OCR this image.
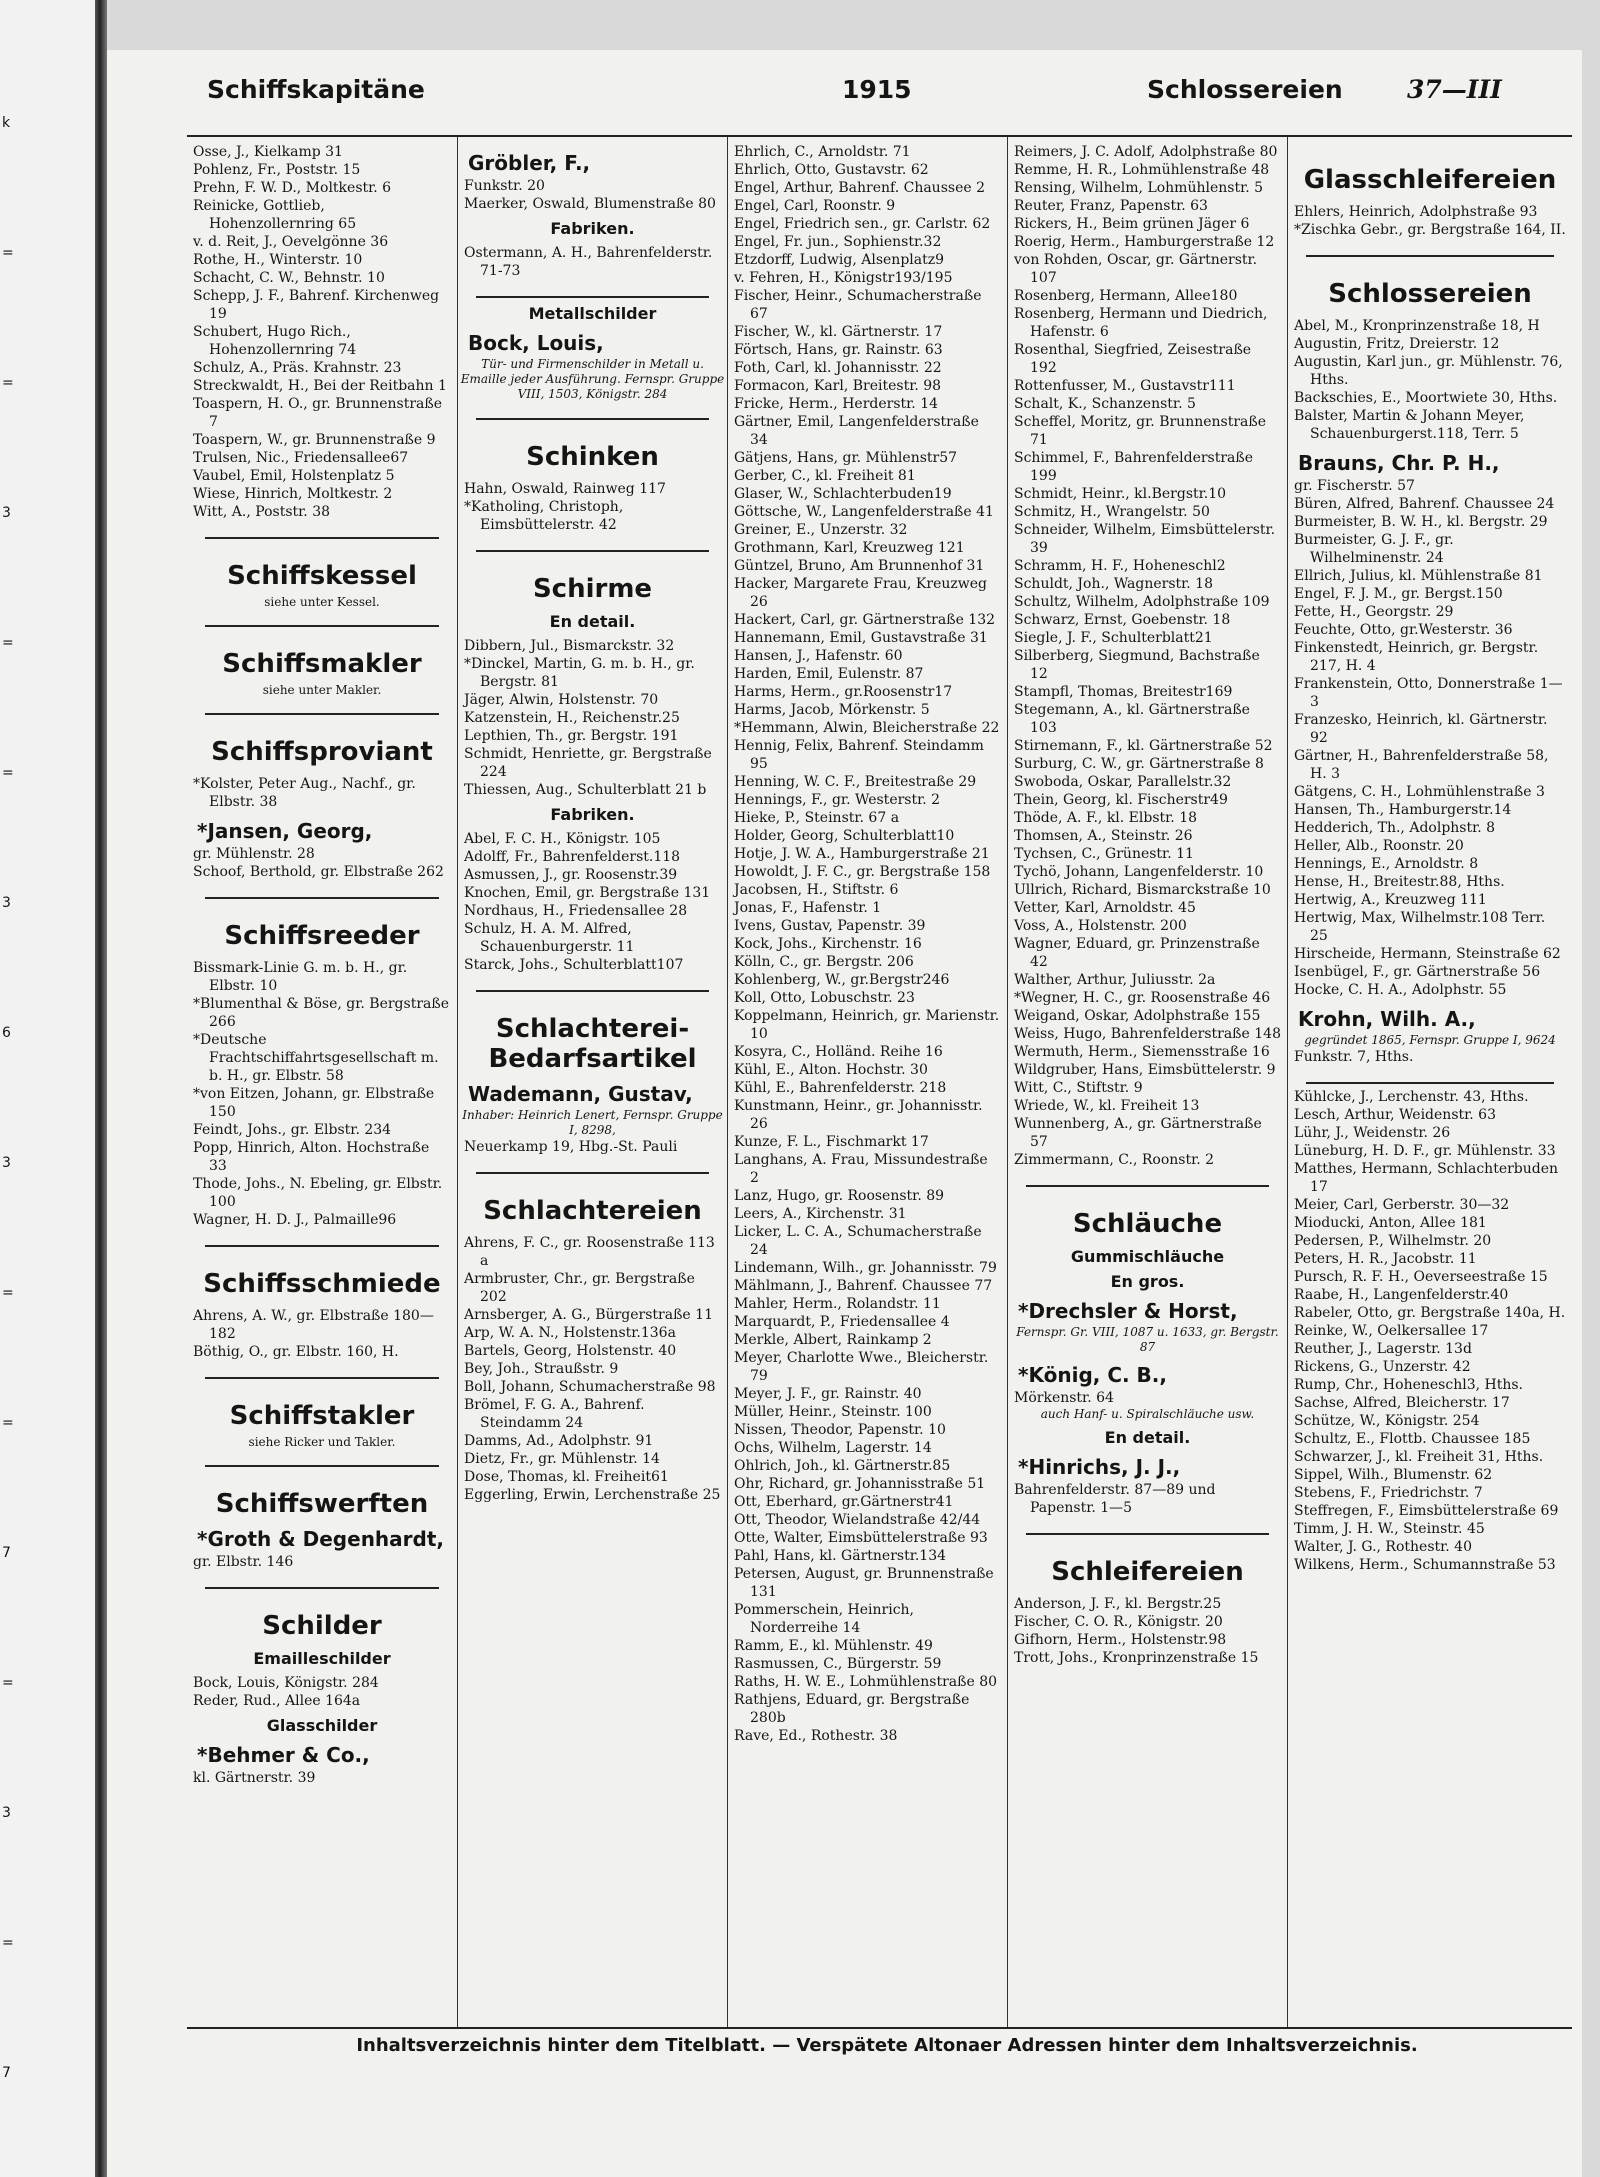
k
=
=
3
=
=
3
6
3
=
=
7
=
3
=
7
Schiffskapitäne	1915	Schlossereien	37—III
Osse, J., Kielkamp 31
Pohlenz, Fr., Poststr. 15
Prehn, F. W. D., Moltkestr. 6
Reinicke, Gottlieb, Hohenzollernring 65
v. d. Reit, J., Oevelgönne 36
Rothe, H., Winterstr. 10
Schacht, C. W., Behnstr. 10
Schepp, J. F., Bahrenf. Kirchenweg 19
Schubert, Hugo Rich., Hohenzollernring 74
Schulz, A., Präs. Krahnstr. 23
Streckwaldt, H., Bei der Reitbahn 1
Toaspern, H. O., gr. Brunnenstraße 7
Toaspern, W., gr. Brunnenstraße 9
Trulsen, Nic., Friedensallee67
Vaubel, Emil, Holstenplatz 5
Wiese, Hinrich, Moltkestr. 2
Witt, A., Poststr. 38
Schiffskessel
siehe unter Kessel.
Schiffsmakler
siehe unter Makler.
Schiffsproviant
*Kolster, Peter Aug., Nachf., gr. Elbstr. 38
*Jansen, Georg,
gr. Mühlenstr. 28
Schoof, Berthold, gr. Elbstraße 262
Schiffsreeder
Bissmark-Linie G. m. b. H., gr. Elbstr. 10
*Blumenthal & Böse, gr. Bergstraße 266
*Deutsche Frachtschiffahrtsgesellschaft m. b. H., gr. Elbstr. 58
*von Eitzen, Johann, gr. Elbstraße 150
Feindt, Johs., gr. Elbstr. 234
Popp, Hinrich, Alton. Hochstraße 33
Thode, Johs., N. Ebeling, gr. Elbstr. 100
Wagner, H. D. J., Palmaille96
Schiffsschmiede
Ahrens, A. W., gr. Elbstraße 180—182
Böthig, O., gr. Elbstr. 160, H.
Schiffstakler
siehe Ricker und Takler.
Schiffswerften
*Groth & Degenhardt,
gr. Elbstr. 146
Schilder
Emailleschilder
Bock, Louis, Königstr. 284
Reder, Rud., Allee 164a
Glasschilder
*Behmer & Co.,
kl. Gärtnerstr. 39
Gröbler, F.,
Funkstr. 20
Maerker, Oswald, Blumenstraße 80
Fabriken.
Ostermann, A. H., Bahrenfelderstr. 71-73
Metallschilder
Bock, Louis,
Tür- und Firmenschilder in Metall u. Emaille jeder Ausführung. Fernspr. Gruppe VIII, 1503, Königstr. 284
Schinken
Hahn, Oswald, Rainweg 117
*Katholing, Christoph, Eimsbüttelerstr. 42
Schirme
En detail.
Dibbern, Jul., Bismarckstr. 32
*Dinckel, Martin, G. m. b. H., gr. Bergstr. 81
Jäger, Alwin, Holstenstr. 70
Katzenstein, H., Reichenstr.25
Lepthien, Th., gr. Bergstr. 191
Schmidt, Henriette, gr. Bergstraße 224
Thiessen, Aug., Schulterblatt 21 b
Fabriken.
Abel, F. C. H., Königstr. 105
Adolff, Fr., Bahrenfelderst.118
Asmussen, J., gr. Roosenstr.39
Knochen, Emil, gr. Bergstraße 131
Nordhaus, H., Friedensallee 28
Schulz, H. A. M. Alfred, Schauenburgerstr. 11
Starck, Johs., Schulterblatt107
Schlachterei-Bedarfsartikel
Wademann, Gustav,
Inhaber: Heinrich Lenert, Fernspr. Gruppe I, 8298,
Neuerkamp 19, Hbg.-St. Pauli
Schlachtereien
Ahrens, F. C., gr. Roosenstraße 113 a
Armbruster, Chr., gr. Bergstraße 202
Arnsberger, A. G., Bürgerstraße 11
Arp, W. A. N., Holstenstr.136a
Bartels, Georg, Holstenstr. 40
Bey, Joh., Straußstr. 9
Boll, Johann, Schumacherstraße 98
Brömel, F. G. A., Bahrenf. Steindamm 24
Damms, Ad., Adolphstr. 91
Dietz, Fr., gr. Mühlenstr. 14
Dose, Thomas, kl. Freiheit61
Eggerling, Erwin, Lerchenstraße 25
Ehrlich, C., Arnoldstr. 71
Ehrlich, Otto, Gustavstr. 62
Engel, Arthur, Bahrenf. Chaussee 2
Engel, Carl, Roonstr. 9
Engel, Friedrich sen., gr. Carlstr. 62
Engel, Fr. jun., Sophienstr.32
Etzdorff, Ludwig, Alsenplatz9
v. Fehren, H., Königstr193/195
Fischer, Heinr., Schumacherstraße 67
Fischer, W., kl. Gärtnerstr. 17
Förtsch, Hans, gr. Rainstr. 63
Foth, Carl, kl. Johannisstr. 22
Formacon, Karl, Breitestr. 98
Fricke, Herm., Herderstr. 14
Gärtner, Emil, Langenfelderstraße 34
Gätjens, Hans, gr. Mühlenstr57
Gerber, C., kl. Freiheit 81
Glaser, W., Schlachterbuden19
Göttsche, W., Langenfelderstraße 41
Greiner, E., Unzerstr. 32
Grothmann, Karl, Kreuzweg 121
Güntzel, Bruno, Am Brunnenhof 31
Hacker, Margarete Frau, Kreuzweg 26
Hackert, Carl, gr. Gärtnerstraße 132
Hannemann, Emil, Gustavstraße 31
Hansen, J., Hafenstr. 60
Harden, Emil, Eulenstr. 87
Harms, Herm., gr.Roosenstr17
Harms, Jacob, Mörkenstr. 5
*Hemmann, Alwin, Bleicherstraße 22
Hennig, Felix, Bahrenf. Steindamm 95
Henning, W. C. F., Breitestraße 29
Hennings, F., gr. Westerstr. 2
Hieke, P., Steinstr. 67 a
Holder, Georg, Schulterblatt10
Hotje, J. W. A., Hamburgerstraße 21
Howoldt, J. F. C., gr. Bergstraße 158
Jacobsen, H., Stiftstr. 6
Jonas, F., Hafenstr. 1
Ivens, Gustav, Papenstr. 39
Kock, Johs., Kirchenstr. 16
Kölln, C., gr. Bergstr. 206
Kohlenberg, W., gr.Bergstr246
Koll, Otto, Lobuschstr. 23
Koppelmann, Heinrich, gr. Marienstr. 10
Kosyra, C., Holländ. Reihe 16
Kühl, E., Alton. Hochstr. 30
Kühl, E., Bahrenfelderstr. 218
Kunstmann, Heinr., gr. Johannisstr. 26
Kunze, F. L., Fischmarkt 17
Langhans, A. Frau, Missundestraße 2
Lanz, Hugo, gr. Roosenstr. 89
Leers, A., Kirchenstr. 31
Licker, L. C. A., Schumacherstraße 24
Lindemann, Wilh., gr. Johannisstr. 79
Mählmann, J., Bahrenf. Chaussee 77
Mahler, Herm., Rolandstr. 11
Marquardt, P., Friedensallee 4
Merkle, Albert, Rainkamp 2
Meyer, Charlotte Wwe., Bleicherstr. 79
Meyer, J. F., gr. Rainstr. 40
Müller, Heinr., Steinstr. 100
Nissen, Theodor, Papenstr. 10
Ochs, Wilhelm, Lagerstr. 14
Ohlrich, Joh., kl. Gärtnerstr.85
Ohr, Richard, gr. Johannisstraße 51
Ott, Eberhard, gr.Gärtnerstr41
Ott, Theodor, Wielandstraße 42/44
Otte, Walter, Eimsbüttelerstraße 93
Pahl, Hans, kl. Gärtnerstr.134
Petersen, August, gr. Brunnenstraße 131
Pommerschein, Heinrich, Norderreihe 14
Ramm, E., kl. Mühlenstr. 49
Rasmussen, C., Bürgerstr. 59
Raths, H. W. E., Lohmühlenstraße 80
Rathjens, Eduard, gr. Bergstraße 280b
Rave, Ed., Rothestr. 38
Reimers, J. C. Adolf, Adolphstraße 80
Remme, H. R., Lohmühlenstraße 48
Rensing, Wilhelm, Lohmühlenstr. 5
Reuter, Franz, Papenstr. 63
Rickers, H., Beim grünen Jäger 6
Roerig, Herm., Hamburgerstraße 12
von Rohden, Oscar, gr. Gärtnerstr. 107
Rosenberg, Hermann, Allee180
Rosenberg, Hermann und Diedrich, Hafenstr. 6
Rosenthal, Siegfried, Zeisestraße 192
Rottenfusser, M., Gustavstr111
Schalt, K., Schanzenstr. 5
Scheffel, Moritz, gr. Brunnenstraße 71
Schimmel, F., Bahrenfelderstraße 199
Schmidt, Heinr., kl.Bergstr.10
Schmitz, H., Wrangelstr. 50
Schneider, Wilhelm, Eimsbüttelerstr. 39
Schramm, H. F., Hoheneschl2
Schuldt, Joh., Wagnerstr. 18
Schultz, Wilhelm, Adolphstraße 109
Schwarz, Ernst, Goebenstr. 18
Siegle, J. F., Schulterblatt21
Silberberg, Siegmund, Bachstraße 12
Stampfl, Thomas, Breitestr169
Stegemann, A., kl. Gärtnerstraße 103
Stirnemann, F., kl. Gärtnerstraße 52
Surburg, C. W., gr. Gärtnerstraße 8
Swoboda, Oskar, Parallelstr.32
Thein, Georg, kl. Fischerstr49
Thöde, A. F., kl. Elbstr. 18
Thomsen, A., Steinstr. 26
Tychsen, C., Grünestr. 11
Tychö, Johann, Langenfelderstr. 10
Ullrich, Richard, Bismarckstraße 10
Vetter, Karl, Arnoldstr. 45
Voss, A., Holstenstr. 200
Wagner, Eduard, gr. Prinzenstraße 42
Walther, Arthur, Juliusstr. 2a
*Wegner, H. C., gr. Roosenstraße 46
Weigand, Oskar, Adolphstraße 155
Weiss, Hugo, Bahrenfelderstraße 148
Wermuth, Herm., Siemensstraße 16
Wildgruber, Hans, Eimsbüttelerstr. 9
Witt, C., Stiftstr. 9
Wriede, W., kl. Freiheit 13
Wunnenberg, A., gr. Gärtnerstraße 57
Zimmermann, C., Roonstr. 2
Schläuche
Gummischläuche
En gros.
*Drechsler & Horst,
Fernspr. Gr. VIII, 1087 u. 1633, gr. Bergstr. 87
*König, C. B.,
Mörkenstr. 64
auch Hanf- u. Spiralschläuche usw.
En detail.
*Hinrichs, J. J.,
Bahrenfelderstr. 87—89 und Papenstr. 1—5
Schleifereien
Anderson, J. F., kl. Bergstr.25
Fischer, C. O. R., Königstr. 20
Gifhorn, Herm., Holstenstr.98
Trott, Johs., Kronprinzenstraße 15
Glasschleifereien
Ehlers, Heinrich, Adolphstraße 93
*Zischka Gebr., gr. Bergstraße 164, II.
Schlossereien
Abel, M., Kronprinzenstraße 18, H
Augustin, Fritz, Dreierstr. 12
Augustin, Karl jun., gr. Mühlenstr. 76, Hths.
Backschies, E., Moortwiete 30, Hths.
Balster, Martin & Johann Meyer, Schauenburgerst.118, Terr. 5
Brauns, Chr. P. H.,
gr. Fischerstr. 57
Büren, Alfred, Bahrenf. Chaussee 24
Burmeister, B. W. H., kl. Bergstr. 29
Burmeister, G. J. F., gr. Wilhelminenstr. 24
Ellrich, Julius, kl. Mühlenstraße 81
Engel, F. J. M., gr. Bergst.150
Fette, H., Georgstr. 29
Feuchte, Otto, gr.Westerstr. 36
Finkenstedt, Heinrich, gr. Bergstr. 217, H. 4
Frankenstein, Otto, Donnerstraße 1—3
Franzesko, Heinrich, kl. Gärtnerstr. 92
Gärtner, H., Bahrenfelderstraße 58, H. 3
Gätgens, C. H., Lohmühlenstraße 3
Hansen, Th., Hamburgerstr.14
Hedderich, Th., Adolphstr. 8
Heller, Alb., Roonstr. 20
Hennings, E., Arnoldstr. 8
Hense, H., Breitestr.88, Hths.
Hertwig, A., Kreuzweg 111
Hertwig, Max, Wilhelmstr.108 Terr. 25
Hirscheide, Hermann, Steinstraße 62
Isenbügel, F., gr. Gärtnerstraße 56
Hocke, C. H. A., Adolphstr. 55
Krohn, Wilh. A.,
gegründet 1865, Fernspr. Gruppe I, 9624
Funkstr. 7, Hths.
Kühlcke, J., Lerchenstr. 43, Hths.
Lesch, Arthur, Weidenstr. 63
Lühr, J., Weidenstr. 26
Lüneburg, H. D. F., gr. Mühlenstr. 33
Matthes, Hermann, Schlachterbuden 17
Meier, Carl, Gerberstr. 30—32
Mioducki, Anton, Allee 181
Pedersen, P., Wilhelmstr. 20
Peters, H. R., Jacobstr. 11
Pursch, R. F. H., Oeverseestraße 15
Raabe, H., Langenfelderstr.40
Rabeler, Otto, gr. Bergstraße 140a, H.
Reinke, W., Oelkersallee 17
Reuther, J., Lagerstr. 13d
Rickens, G., Unzerstr. 42
Rump, Chr., Hoheneschl3, Hths.
Sachse, Alfred, Bleicherstr. 17
Schütze, W., Königstr. 254
Schultz, E., Flottb. Chaussee 185
Schwarzer, J., kl. Freiheit 31, Hths.
Sippel, Wilh., Blumenstr. 62
Stebens, F., Friedrichstr. 7
Steffregen, F., Eimsbüttelerstraße 69
Timm, J. H. W., Steinstr. 45
Walter, J. G., Rothestr. 40
Wilkens, Herm., Schumannstraße 53
Inhaltsverzeichnis hinter dem Titelblatt. — Verspätete Altonaer Adressen hinter dem Inhaltsverzeichnis.
